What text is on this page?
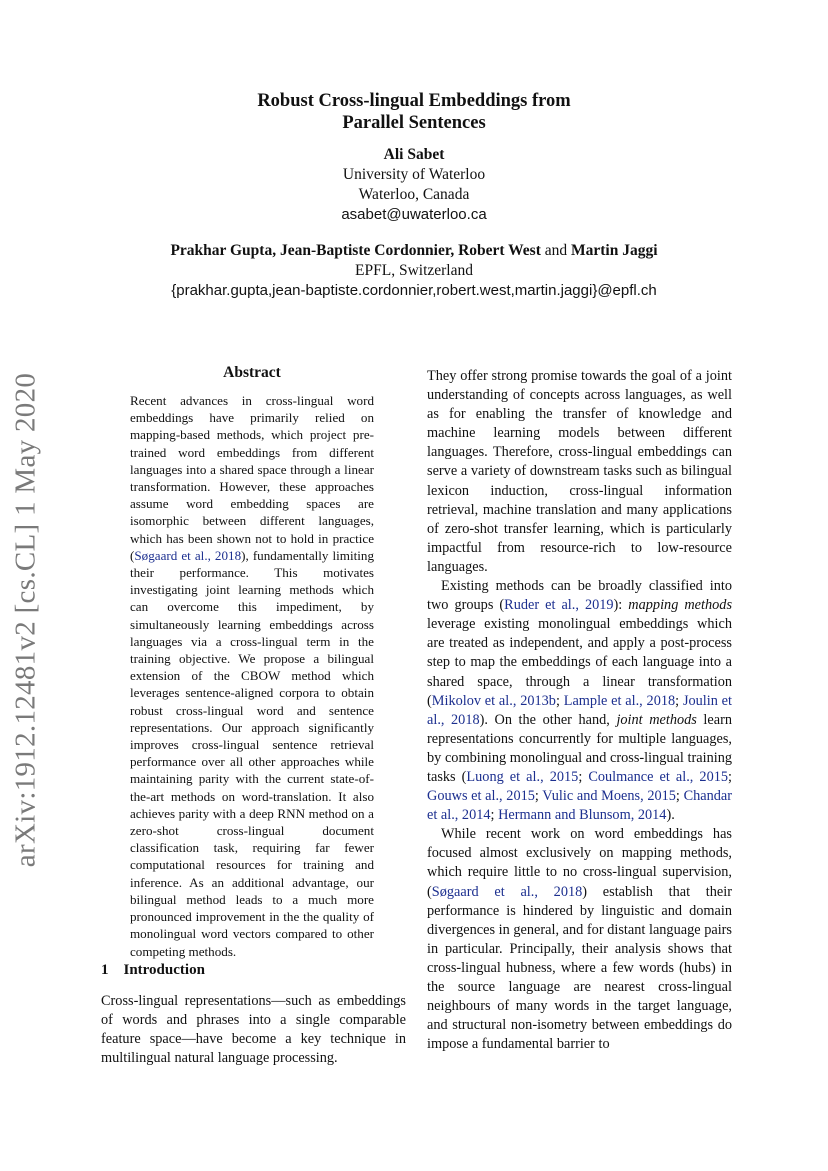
Robust Cross-lingual Embeddings from
Parallel Sentences
Ali Sabet
University of Waterloo
Waterloo, Canada
asabet@uwaterloo.ca
Prakhar Gupta, Jean-Baptiste Cordonnier, Robert West and Martin Jaggi
EPFL, Switzerland
{prakhar.gupta,jean-baptiste.cordonnier,robert.west,martin.jaggi}@epfl.ch
arXiv:1912.12481v2 [cs.CL] 1 May 2020
Abstract
Recent advances in cross-lingual word embeddings have primarily relied on mapping-based methods, which project pre-trained word embeddings from different languages into a shared space through a linear transformation. However, these approaches assume word embedding spaces are isomorphic between different languages, which has been shown not to hold in practice (Søgaard et al., 2018), fundamentally limiting their performance. This motivates investigating joint learning methods which can overcome this impediment, by simultaneously learning embeddings across languages via a cross-lingual term in the training objective. We propose a bilingual extension of the CBOW method which leverages sentence-aligned corpora to obtain robust cross-lingual word and sentence representations. Our approach significantly improves cross-lingual sentence retrieval performance over all other approaches while maintaining parity with the current state-of-the-art methods on word-translation. It also achieves parity with a deep RNN method on a zero-shot cross-lingual document classification task, requiring far fewer computational resources for training and inference. As an additional advantage, our bilingual method leads to a much more pronounced improvement in the the quality of monolingual word vectors compared to other competing methods.
1 Introduction
Cross-lingual representations—such as embeddings of words and phrases into a single comparable feature space—have become a key technique in multilingual natural language processing.

They offer strong promise towards the goal of a joint understanding of concepts across languages, as well as for enabling the transfer of knowledge and machine learning models between different languages. Therefore, cross-lingual embeddings can serve a variety of downstream tasks such as bilingual lexicon induction, cross-lingual information retrieval, machine translation and many applications of zero-shot transfer learning, which is particularly impactful from resource-rich to low-resource languages.

Existing methods can be broadly classified into two groups (Ruder et al., 2019): mapping methods leverage existing monolingual embeddings which are treated as independent, and apply a post-process step to map the embeddings of each language into a shared space, through a linear transformation (Mikolov et al., 2013b; Lample et al., 2018; Joulin et al., 2018). On the other hand, joint methods learn representations concurrently for multiple languages, by combining monolingual and cross-lingual training tasks (Luong et al., 2015; Coulmance et al., 2015; Gouws et al., 2015; Vulic and Moens, 2015; Chandar et al., 2014; Hermann and Blunsom, 2014).

While recent work on word embeddings has focused almost exclusively on mapping methods, which require little to no cross-lingual supervision, (Søgaard et al., 2018) establish that their performance is hindered by linguistic and domain divergences in general, and for distant language pairs in particular. Principally, their analysis shows that cross-lingual hubness, where a few words (hubs) in the source language are nearest cross-lingual neighbours of many words in the target language, and structural non-isometry between embeddings do impose a fundamental barrier to
